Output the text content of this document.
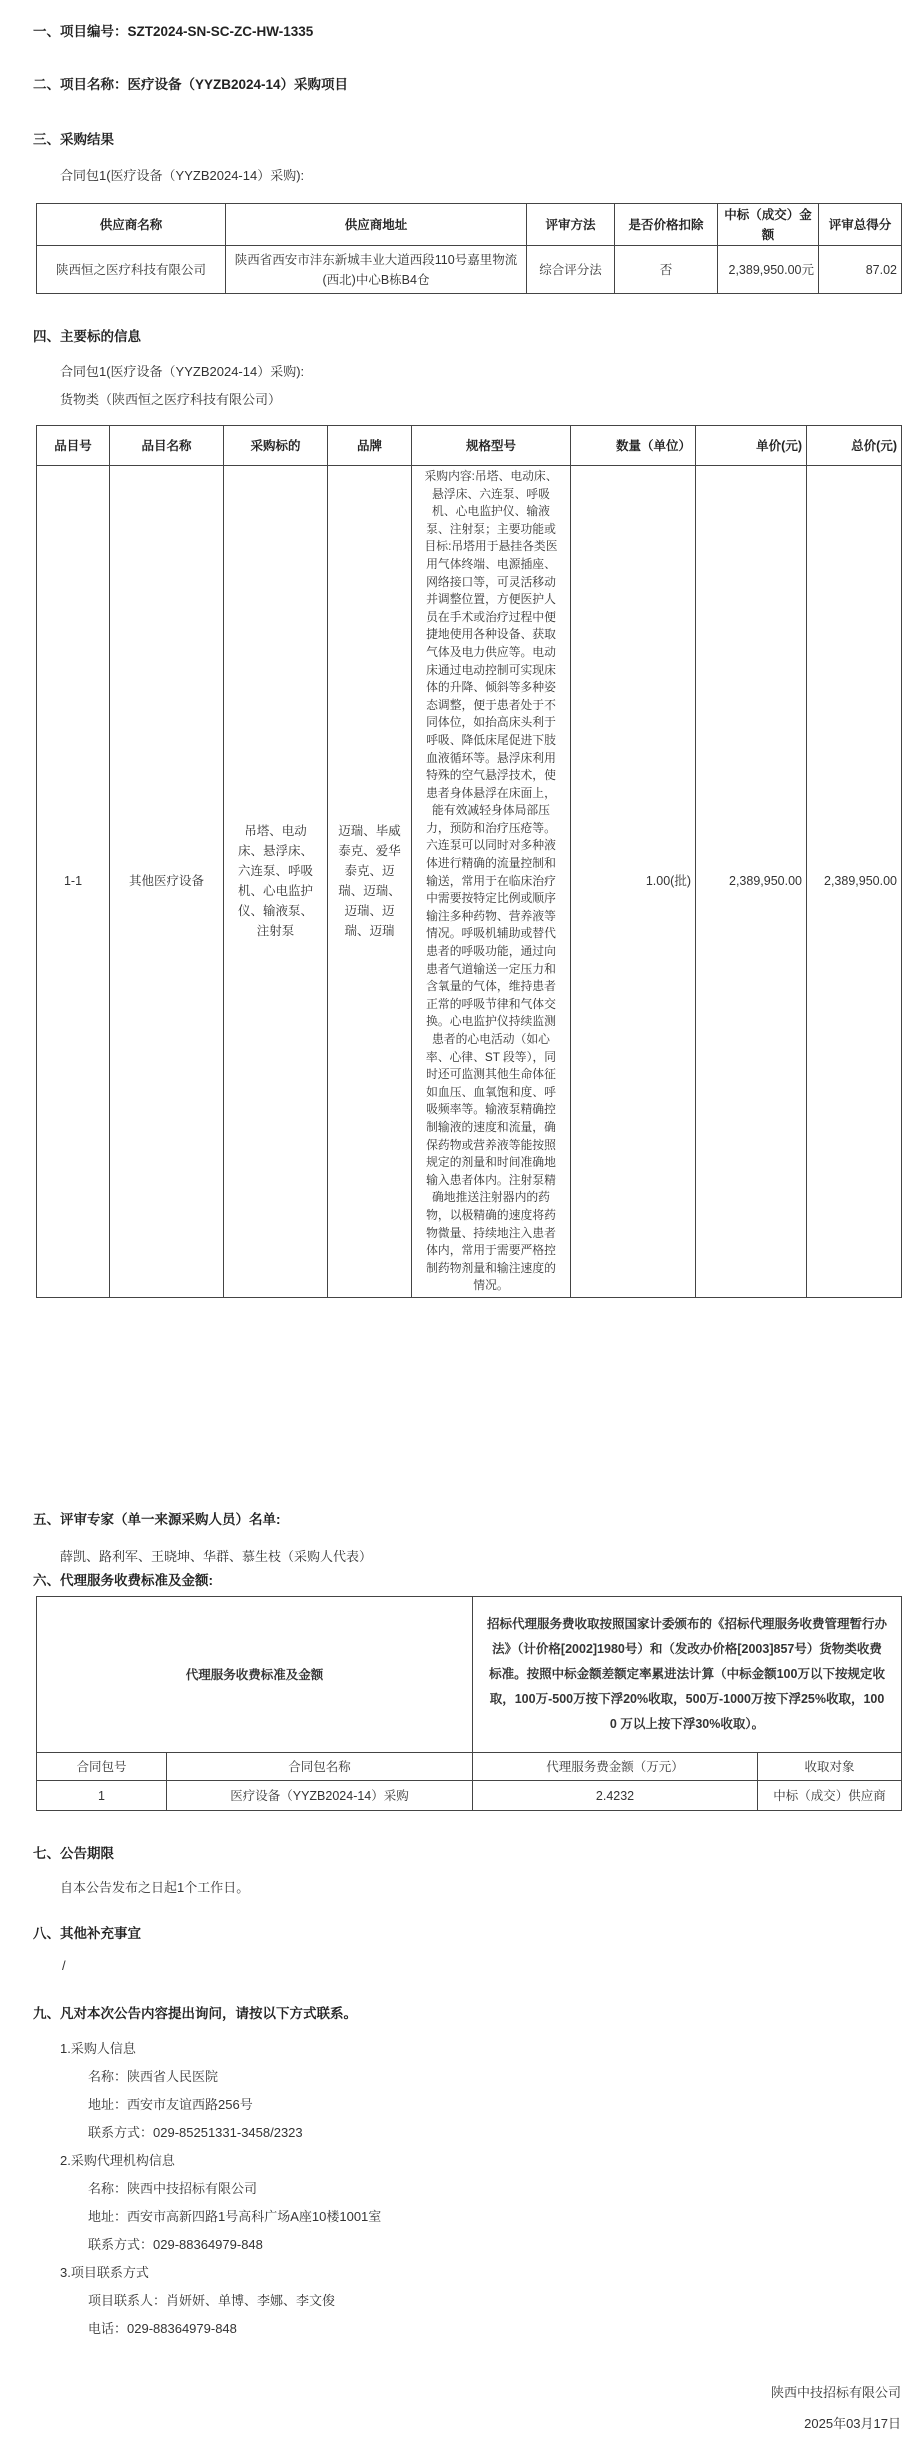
一、项目编号：SZT2024-SN-SC-ZC-HW-1335
二、项目名称：医疗设备（YYZB2024-14）采购项目
三、采购结果
合同包1(医疗设备（YYZB2024-14）采购):
供应商名称	供应商地址	评审方法	是否价格扣除	中标（成交）金额	评审总得分
陕西恒之医疗科技有限公司	陕西省西安市沣东新城丰业大道西段110号嘉里物流(西北)中心B栋B4仓	综合评分法	否	2,389,950.00元	87.02
四、主要标的信息
合同包1(医疗设备（YYZB2024-14）采购):
货物类（陕西恒之医疗科技有限公司）
品目号	品目名称	采购标的	品牌	规格型号	数量（单位）	单价(元)	总价(元)
1-1	其他医疗设备	吊塔、电动床、悬浮床、六连泵、呼吸机、心电监护仪、输液泵、注射泵	迈瑞、毕威泰克、爱华泰克、迈瑞、迈瑞、迈瑞、迈瑞、迈瑞	采购内容:吊塔、电动床、悬浮床、六连泵、呼吸机、心电监护仪、输液泵、注射泵；主要功能或目标:吊塔用于悬挂各类医用气体终端、电源插座、网络接口等，可灵活移动并调整位置，方便医护人员在手术或治疗过程中便捷地使用各种设备、获取气体及电力供应等。电动床通过电动控制可实现床体的升降、倾斜等多种姿态调整，便于患者处于不同体位，如抬高床头利于呼吸、降低床尾促进下肢血液循环等。悬浮床利用特殊的空气悬浮技术，使患者身体悬浮在床面上，能有效减轻身体局部压力，预防和治疗压疮等。六连泵可以同时对多种液体进行精确的流量控制和输送，常用于在临床治疗中需要按特定比例或顺序输注多种药物、营养液等情况。呼吸机辅助或替代患者的呼吸功能，通过向患者气道输送一定压力和含氧量的气体，维持患者正常的呼吸节律和气体交换。心电监护仪持续监测患者的心电活动（如心率、心律、ST 段等），同时还可监测其他生命体征如血压、血氧饱和度、呼吸频率等。输液泵精确控制输液的速度和流量，确保药物或营养液等能按照规定的剂量和时间准确地输入患者体内。注射泵精确地推送注射器内的药物，以极精确的速度将药物微量、持续地注入患者体内，常用于需要严格控制药物剂量和输注速度的情况。	1.00(批)	2,389,950.00	2,389,950.00
五、评审专家（单一来源采购人员）名单:
薛凯、路利军、王晓坤、华群、慕生枝（采购人代表）
六、代理服务收费标准及金额:
代理服务收费标准及金额		招标代理服务费收取按照国家计委颁布的《招标代理服务收费管理暂行办法》（计价格[2002]1980号）和（发改办价格[2003]857号）货物类收费标准。按照中标金额差额定率累进法计算（中标金额100万以下按规定收取，100万-500万按下浮20%收取，500万-1000万按下浮25%收取，1000 万以上按下浮30%收取）。	
合同包号	合同包名称	代理服务费金额（万元）	收取对象
1	医疗设备（YYZB2024-14）采购	2.4232	中标（成交）供应商
七、公告期限
自本公告发布之日起1个工作日。
八、其他补充事宜
/
九、凡对本次公告内容提出询问，请按以下方式联系。
1.采购人信息
名称：陕西省人民医院
地址：西安市友谊西路256号
联系方式：029-85251331-3458/2323
2.采购代理机构信息
名称：陕西中技招标有限公司
地址：西安市高新四路1号高科广场A座10楼1001室
联系方式：029-88364979-848
3.项目联系方式
项目联系人：肖妍妍、单博、李娜、李文俊
电话：029-88364979-848
陕西中技招标有限公司
2025年03月17日
